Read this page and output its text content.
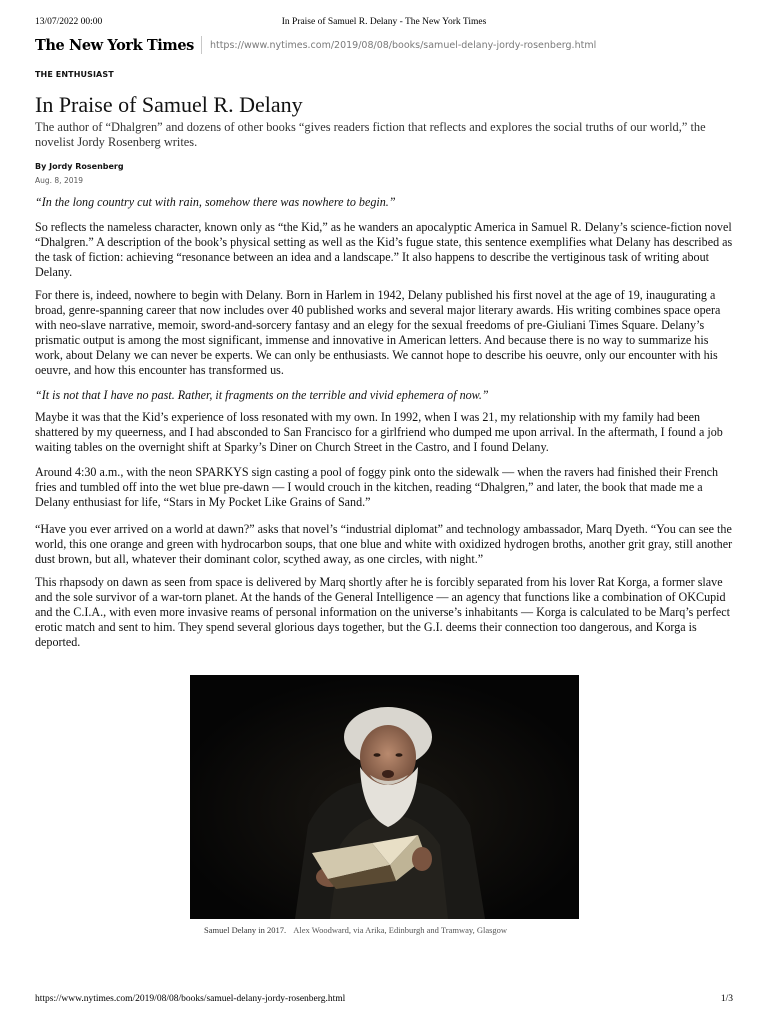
13/07/2022 00:00	In Praise of Samuel R. Delany - The New York Times
The New York Times https://www.nytimes.com/2019/08/08/books/samuel-delany-jordy-rosenberg.html
THE ENTHUSIAST
In Praise of Samuel R. Delany

The author of “Dhalgren” and dozens of other books “gives readers fiction that reflects and explores the social truths of our world,” the novelist Jordy Rosenberg writes.

By Jordy Rosenberg
Aug. 8, 2019

“In the long country cut with rain, somehow there was nowhere to begin.”

So reflects the nameless character, known only as “the Kid,” as he wanders an apocalyptic America in Samuel R. Delany’s science-fiction novel “Dhalgren.” A description of the book’s physical setting as well as the Kid’s fugue state, this sentence exemplifies what Delany has described as the task of fiction: achieving “resonance between an idea and a landscape.” It also happens to describe the vertiginous task of writing about Delany.

For there is, indeed, nowhere to begin with Delany. Born in Harlem in 1942, Delany published his first novel at the age of 19, inaugurating a broad, genre-spanning career that now includes over 40 published works and several major literary awards. His writing combines space opera with neo-slave narrative, memoir, sword-and-sorcery fantasy and an elegy for the sexual freedoms of pre-Giuliani Times Square. Delany’s prismatic output is among the most significant, immense and innovative in American letters. And because there is no way to summarize his work, about Delany we can never be experts. We can only be enthusiasts. We cannot hope to describe his oeuvre, only our encounter with his oeuvre, and how this encounter has transformed us.

“It is not that I have no past. Rather, it fragments on the terrible and vivid ephemera of now.”

Maybe it was that the Kid’s experience of loss resonated with my own. In 1992, when I was 21, my relationship with my family had been shattered by my queerness, and I had absconded to San Francisco for a girlfriend who dumped me upon arrival. In the aftermath, I found a job waiting tables on the overnight shift at Sparky’s Diner on Church Street in the Castro, and I found Delany.

Around 4:30 a.m., with the neon SPARKYS sign casting a pool of foggy pink onto the sidewalk — when the ravers had finished their French fries and tumbled off into the wet blue pre-dawn — I would crouch in the kitchen, reading “Dhalgren,” and later, the book that made me a Delany enthusiast for life, “Stars in My Pocket Like Grains of Sand.”

“Have you ever arrived on a world at dawn?” asks that novel’s “industrial diplomat” and technology ambassador, Marq Dyeth. “You can see the world, this one orange and green with hydrocarbon soups, that one blue and white with oxidized hydrogen broths, another grit gray, still another dust brown, but all, whatever their dominant color, scythed away, as one circles, with night.”

This rhapsody on dawn as seen from space is delivered by Marq shortly after he is forcibly separated from his lover Rat Korga, a former slave and the sole survivor of a war-torn planet. At the hands of the General Intelligence — an agency that functions like a combination of OKCupid and the C.I.A., with even more invasive reams of personal information on the universe’s inhabitants — Korga is calculated to be Marq’s perfect erotic match and sent to him. They spend several glorious days together, but the G.I. deems their connection too dangerous, and Korga is deported.

Samuel Delany in 2017. Alex Woodward, via Arika, Edinburgh and Tramway, Glasgow
https://www.nytimes.com/2019/08/08/books/samuel-delany-jordy-rosenberg.html	1/3
